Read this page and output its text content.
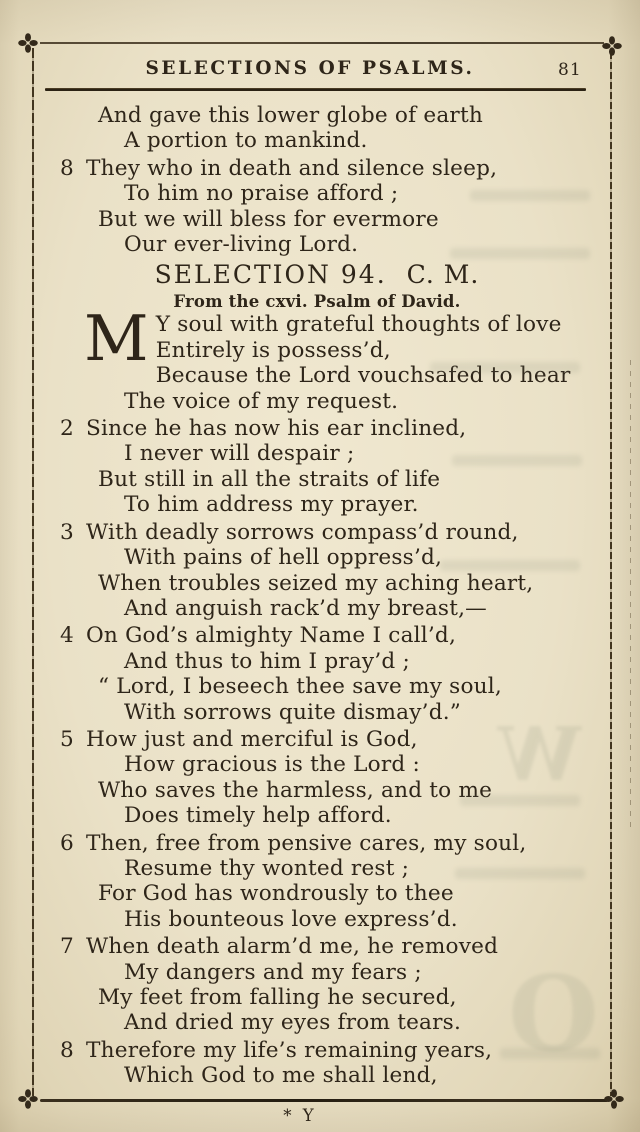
SELECTIONS OF PSALMS.	81
And gave this lower globe of earth
A portion to mankind.
8 They who in death and silence sleep,
To him no praise afford ;
But we will bless for evermore
Our ever-living Lord.
SELECTION 94. C. M.
From the cxvi. Psalm of David.
M Y soul with grateful thoughts of love
Entirely is possess’d,
Because the Lord vouchsafed to hear
The voice of my request.
2 Since he has now his ear inclined,
I never will despair ;
But still in all the straits of life
To him address my prayer.
3 With deadly sorrows compass’d round,
With pains of hell oppress’d,
When troubles seized my aching heart,
And anguish rack’d my breast,—
4 On God’s almighty Name I call’d,
And thus to him I pray’d ;
“ Lord, I beseech thee save my soul,
With sorrows quite dismay’d.”
5 How just and merciful is God,
How gracious is the Lord :
Who saves the harmless, and to me
Does timely help afford.
6 Then, free from pensive cares, my soul,
Resume thy wonted rest ;
For God has wondrously to thee
His bounteous love express’d.
7 When death alarm’d me, he removed
My dangers and my fears ;
My feet from falling he secured,
And dried my eyes from tears.
8 Therefore my life’s remaining years,
Which God to me shall lend,
* Y
W
O
